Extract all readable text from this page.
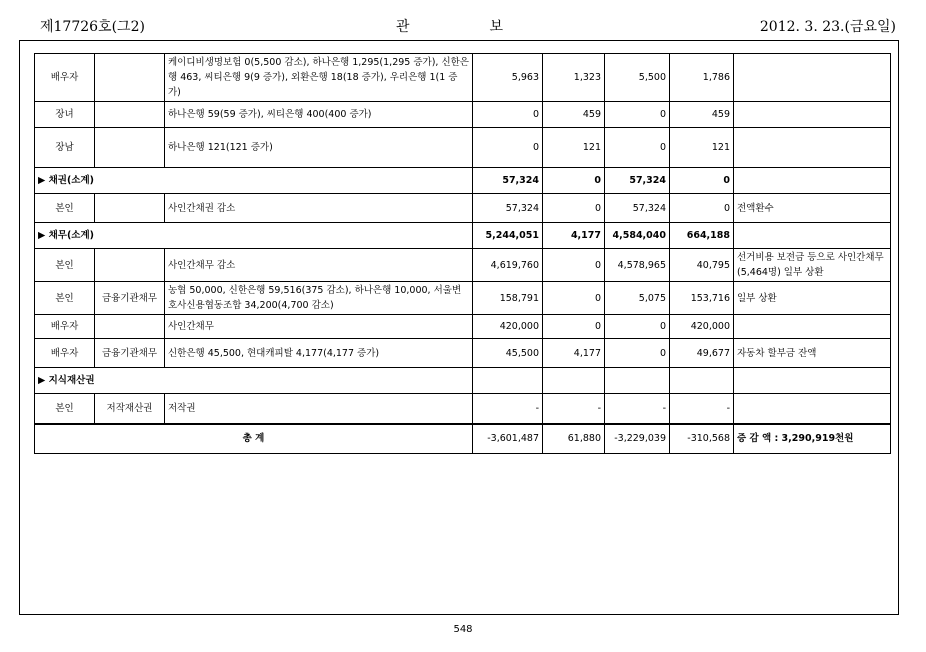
제17726호(그2)	관	보	2012. 3. 23.(금요일)
배우자		케이디비생명보험 0(5,500 감소), 하나은행 1,295(1,295 증가), 신한은행 463, 씨티은행 9(9 증가), 외환은행 18(18 증가), 우리은행 1(1 증가)	5,963	1,323	5,500	1,786	
장녀		하나은행 59(59 증가), 씨티은행 400(400 증가)	0	459	0	459	
장남		하나은행 121(121 증가)	0	121	0	121	
▶ 채권(소계)			57,324	0	57,324	0	
본인		사인간채권 감소	57,324	0	57,324	0	전액환수
▶ 채무(소계)			5,244,051	4,177	4,584,040	664,188	
본인		사인간채무 감소	4,619,760	0	4,578,965	40,795	선거비용 보전금 등으로 사인간채무(5,464명) 일부 상환
본인	금융기관채무	농협 50,000, 신한은행 59,516(375 감소), 하나은행 10,000, 서울변호사신용협동조합 34,200(4,700 감소)	158,791	0	5,075	153,716	일부 상환
배우자		사인간채무	420,000	0	0	420,000	
배우자	금융기관채무	신한은행 45,500, 현대캐피탈 4,177(4,177 증가)	45,500	4,177	0	49,677	자동차 할부금 잔액
▶ 지식재산권							
본인	저작재산권	저작권	-	-	-	-	
총 계			-3,601,487	61,880	-3,229,039	-310,568	증 감 액 : 3,290,919천원
548
